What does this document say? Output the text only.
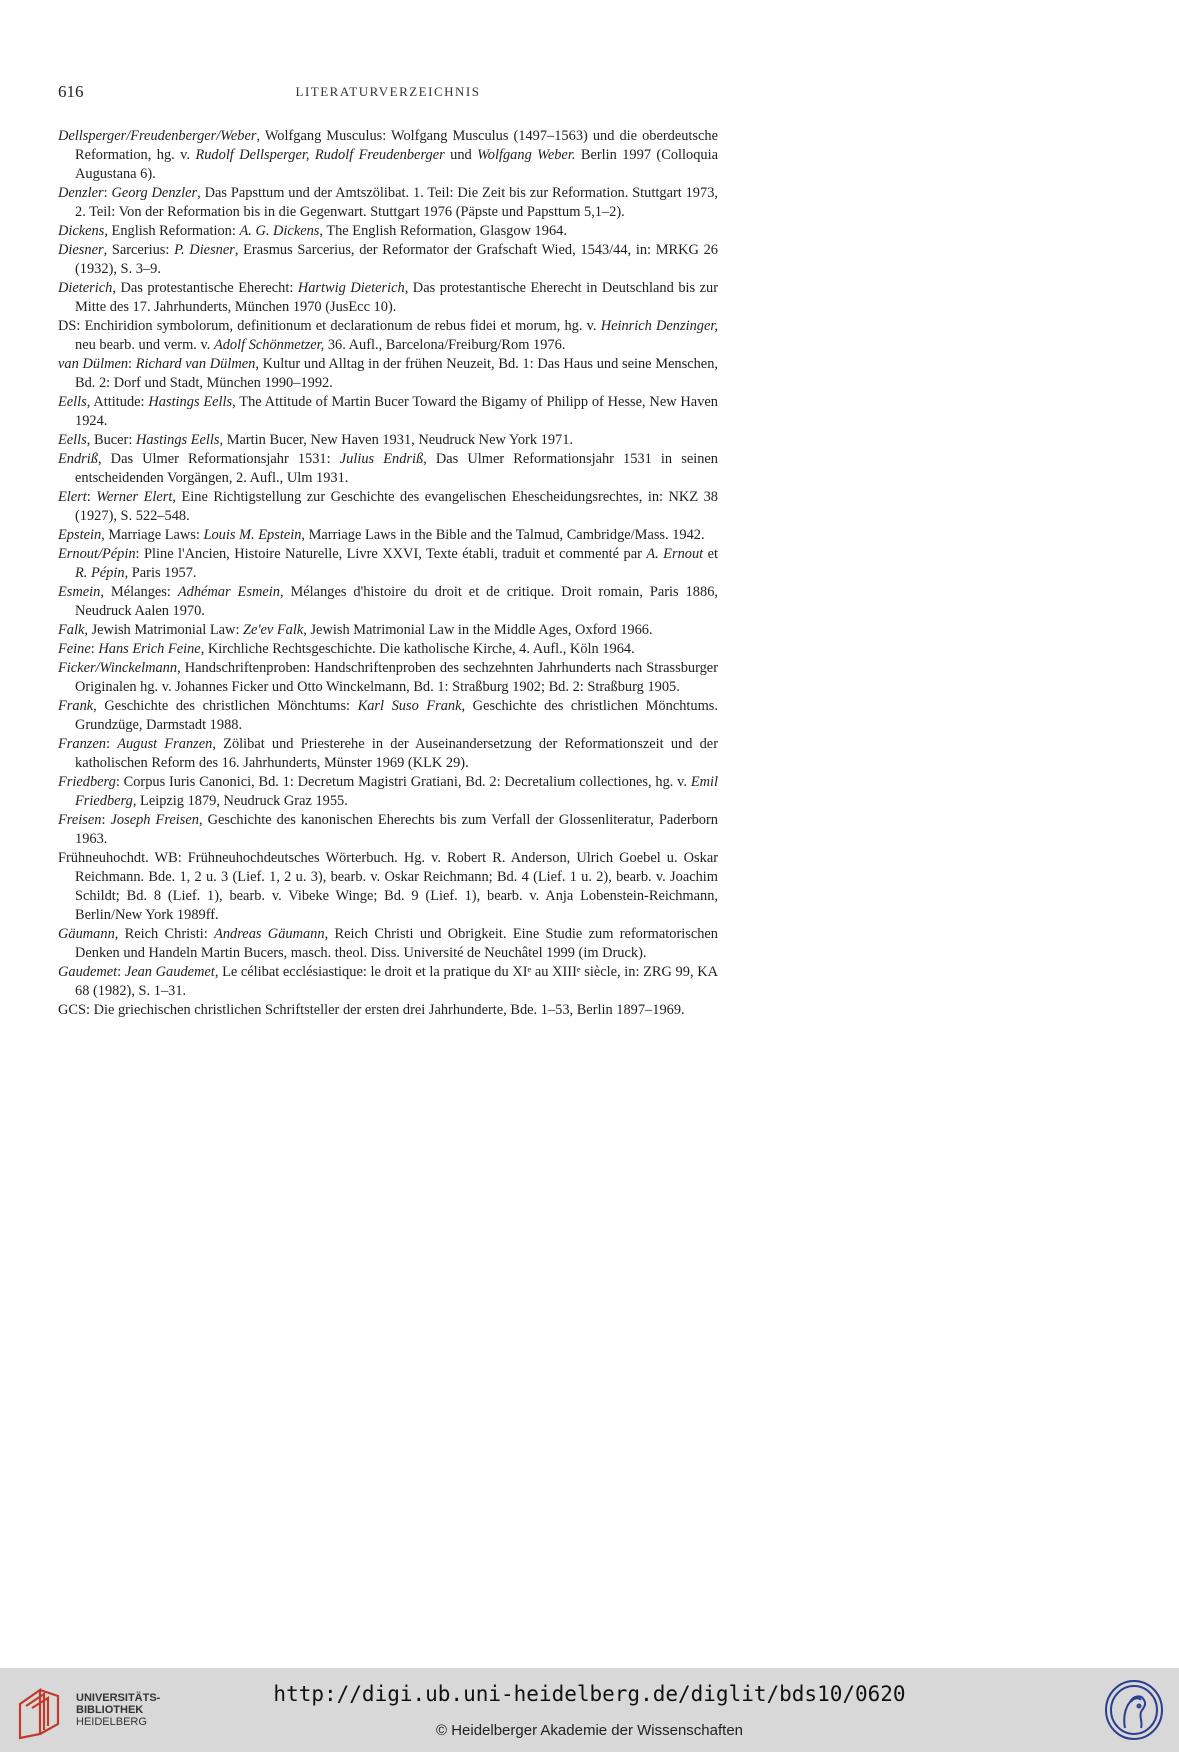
616	LITERATURVERZEICHNIS

Dellsperger/Freudenberger/Weber, Wolfgang Musculus: Wolfgang Musculus (1497–1563) und die oberdeutsche Reformation, hg. v. Rudolf Dellsperger, Rudolf Freudenberger und Wolfgang Weber. Berlin 1997 (Colloquia Augustana 6).

Denzler: Georg Denzler, Das Papsttum und der Amtszölibat. 1. Teil: Die Zeit bis zur Reformation. Stuttgart 1973, 2. Teil: Von der Reformation bis in die Gegenwart. Stuttgart 1976 (Päpste und Papsttum 5,1–2).

Dickens, English Reformation: A. G. Dickens, The English Reformation, Glasgow 1964.

Diesner, Sarcerius: P. Diesner, Erasmus Sarcerius, der Reformator der Grafschaft Wied, 1543/44, in: MRKG 26 (1932), S. 3–9.

Dieterich, Das protestantische Eherecht: Hartwig Dieterich, Das protestantische Eherecht in Deutschland bis zur Mitte des 17. Jahrhunderts, München 1970 (JusEcc 10).

DS: Enchiridion symbolorum, definitionum et declarationum de rebus fidei et morum, hg. v. Heinrich Denzinger, neu bearb. und verm. v. Adolf Schönmetzer, 36. Aufl., Barcelona/Freiburg/Rom 1976.

van Dülmen: Richard van Dülmen, Kultur und Alltag in der frühen Neuzeit, Bd. 1: Das Haus und seine Menschen, Bd. 2: Dorf und Stadt, München 1990–1992.

Eells, Attitude: Hastings Eells, The Attitude of Martin Bucer Toward the Bigamy of Philipp of Hesse, New Haven 1924.

Eells, Bucer: Hastings Eells, Martin Bucer, New Haven 1931, Neudruck New York 1971.

Endriß, Das Ulmer Reformationsjahr 1531: Julius Endriß, Das Ulmer Reformationsjahr 1531 in seinen entscheidenden Vorgängen, 2. Aufl., Ulm 1931.

Elert: Werner Elert, Eine Richtigstellung zur Geschichte des evangelischen Ehescheidungsrechtes, in: NKZ 38 (1927), S. 522–548.

Epstein, Marriage Laws: Louis M. Epstein, Marriage Laws in the Bible and the Talmud, Cambridge/Mass. 1942.

Ernout/Pépin: Pline l'Ancien, Histoire Naturelle, Livre XXVI, Texte établi, traduit et commenté par A. Ernout et R. Pépin, Paris 1957.

Esmein, Mélanges: Adhémar Esmein, Mélanges d'histoire du droit et de critique. Droit romain, Paris 1886, Neudruck Aalen 1970.

Falk, Jewish Matrimonial Law: Ze'ev Falk, Jewish Matrimonial Law in the Middle Ages, Oxford 1966.

Feine: Hans Erich Feine, Kirchliche Rechtsgeschichte. Die katholische Kirche, 4. Aufl., Köln 1964.

Ficker/Winckelmann, Handschriftenproben: Handschriftenproben des sechzehnten Jahrhunderts nach Strassburger Originalen hg. v. Johannes Ficker und Otto Winckelmann, Bd. 1: Straßburg 1902; Bd. 2: Straßburg 1905.

Frank, Geschichte des christlichen Mönchtums: Karl Suso Frank, Geschichte des christlichen Mönchtums. Grundzüge, Darmstadt 1988.

Franzen: August Franzen, Zölibat und Priesterehe in der Auseinandersetzung der Reformationszeit und der katholischen Reform des 16. Jahrhunderts, Münster 1969 (KLK 29).

Friedberg: Corpus Iuris Canonici, Bd. 1: Decretum Magistri Gratiani, Bd. 2: Decretalium collectiones, hg. v. Emil Friedberg, Leipzig 1879, Neudruck Graz 1955.

Freisen: Joseph Freisen, Geschichte des kanonischen Eherechts bis zum Verfall der Glossenliteratur, Paderborn 1963.

Frühneuhochdt. WB: Frühneuhochdeutsches Wörterbuch. Hg. v. Robert R. Anderson, Ulrich Goebel u. Oskar Reichmann. Bde. 1, 2 u. 3 (Lief. 1, 2 u. 3), bearb. v. Oskar Reichmann; Bd. 4 (Lief. 1 u. 2), bearb. v. Joachim Schildt; Bd. 8 (Lief. 1), bearb. v. Vibeke Winge; Bd. 9 (Lief. 1), bearb. v. Anja Lobenstein-Reichmann, Berlin/New York 1989ff.

Gäumann, Reich Christi: Andreas Gäumann, Reich Christi und Obrigkeit. Eine Studie zum reformatorischen Denken und Handeln Martin Bucers, masch. theol. Diss. Université de Neuchâtel 1999 (im Druck).

Gaudemet: Jean Gaudemet, Le célibat ecclésiastique: le droit et la pratique du XIᵉ au XIIIᵉ siècle, in: ZRG 99, KA 68 (1982), S. 1–31.

GCS: Die griechischen christlichen Schriftsteller der ersten drei Jahrhunderte, Bde. 1–53, Berlin 1897–1969.

UNIVERSITÄTS-
BIBLIOTHEK
HEIDELBERG
http://digi.ub.uni-heidelberg.de/diglit/bds10/0620
© Heidelberger Akademie der Wissenschaften
